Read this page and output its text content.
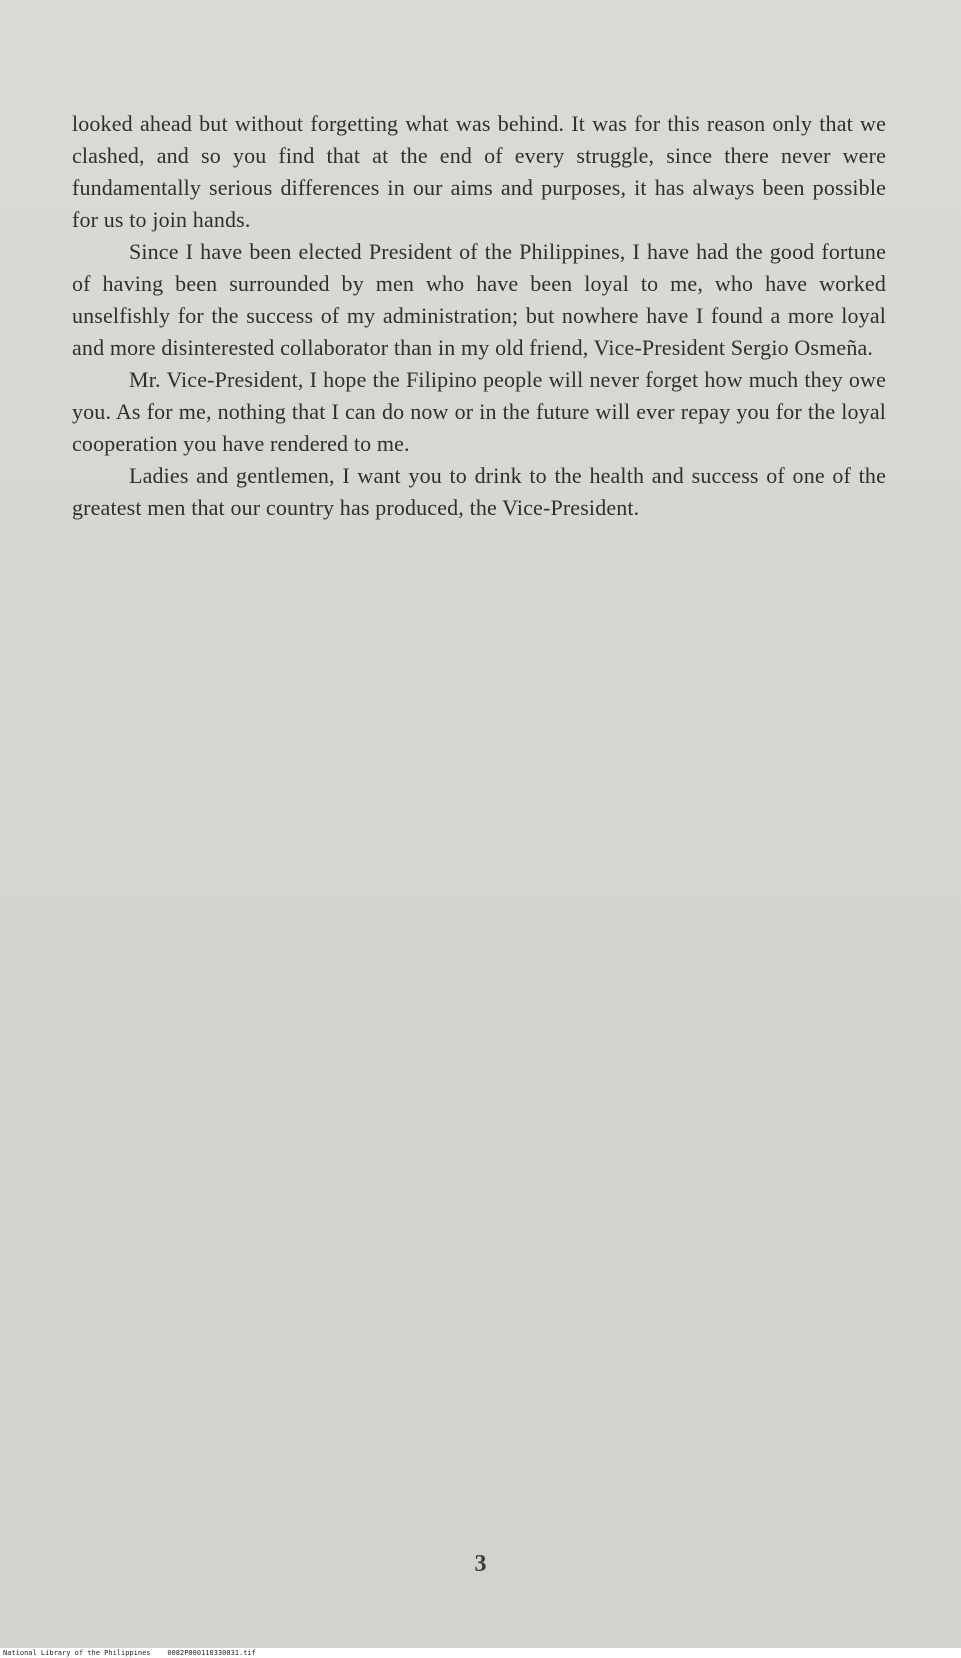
looked ahead but without forgetting what was behind. It was for this reason only that we clashed, and so you find that at the end of every struggle, since there never were fundamentally serious differences in our aims and purposes, it has always been possible for us to join hands.

Since I have been elected President of the Philippines, I have had the good fortune of having been surrounded by men who have been loyal to me, who have worked unselfishly for the success of my administration; but nowhere have I found a more loyal and more disinterested collaborator than in my old friend, Vice-President Sergio Osmeña.

Mr. Vice-President, I hope the Filipino people will never forget how much they owe you. As for me, nothing that I can do now or in the future will ever repay you for the loyal cooperation you have rendered to me.

Ladies and gentlemen, I want you to drink to the health and success of one of the greatest men that our country has produced, the Vice-President.

3
National Library of the Philippines    0082P000110330031.tif
